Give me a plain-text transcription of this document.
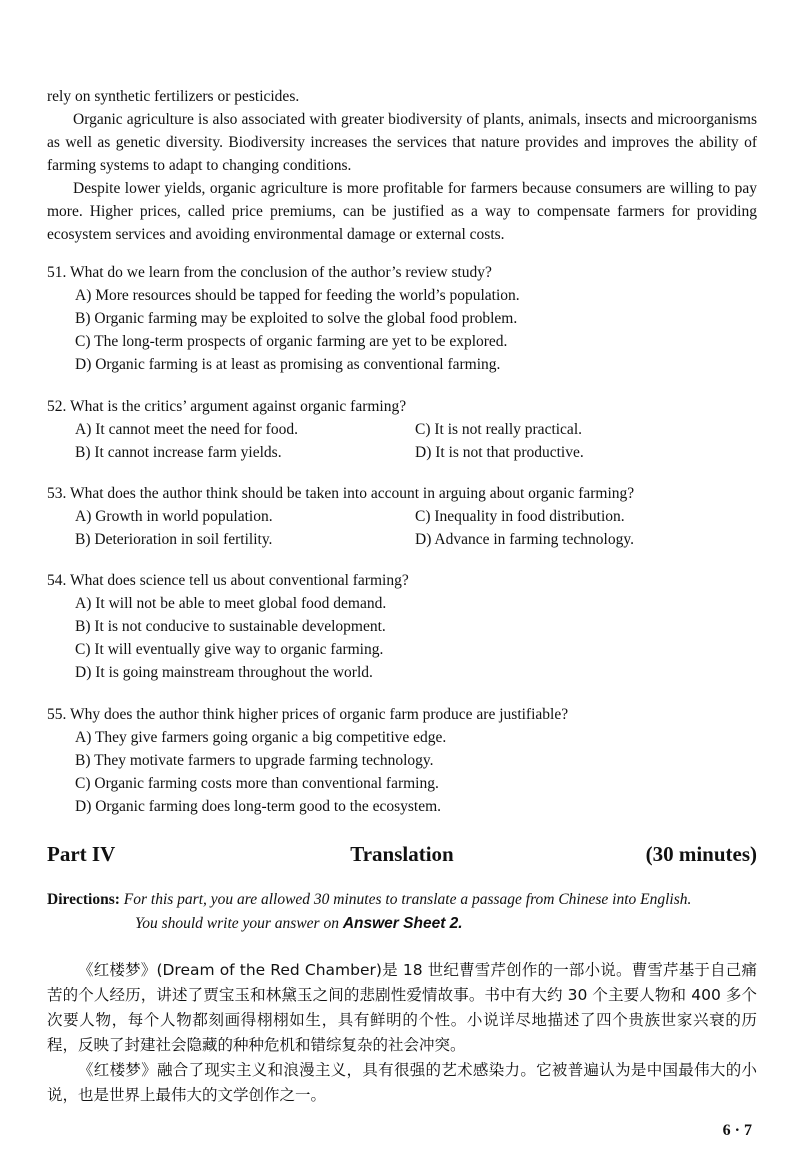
rely on synthetic fertilizers or pesticides.

Organic agriculture is also associated with greater biodiversity of plants, animals, insects and microorganisms as well as genetic diversity. Biodiversity increases the services that nature provides and improves the ability of farming systems to adapt to changing conditions.

Despite lower yields, organic agriculture is more profitable for farmers because consumers are willing to pay more. Higher prices, called price premiums, can be justified as a way to compensate farmers for providing ecosystem services and avoiding environmental damage or external costs.

51. What do we learn from the conclusion of the author’s review study?
A) More resources should be tapped for feeding the world’s population.
B) Organic farming may be exploited to solve the global food problem.
C) The long-term prospects of organic farming are yet to be explored.
D) Organic farming is at least as promising as conventional farming.
52. What is the critics’ argument against organic farming?
A) It cannot meet the need for food.	C) It is not really practical.
B) It cannot increase farm yields.	D) It is not that productive.
53. What does the author think should be taken into account in arguing about organic farming?
A) Growth in world population.	C) Inequality in food distribution.
B) Deterioration in soil fertility.	D) Advance in farming technology.
54. What does science tell us about conventional farming?
A) It will not be able to meet global food demand.
B) It is not conducive to sustainable development.
C) It will eventually give way to organic farming.
D) It is going mainstream throughout the world.
55. Why does the author think higher prices of organic farm produce are justifiable?
A) They give farmers going organic a big competitive edge.
B) They motivate farmers to upgrade farming technology.
C) Organic farming costs more than conventional farming.
D) Organic farming does long-term good to the ecosystem.
Part IV	Translation	(30 minutes)
Directions: For this part, you are allowed 30 minutes to translate a passage from Chinese into English.
You should write your answer on Answer Sheet 2.

《红楼梦》(Dream of the Red Chamber)是 18 世纪曹雪芹创作的一部小说。曹雪芹基于自己痛苦的个人经历，讲述了贾宝玉和林黛玉之间的悲剧性爱情故事。书中有大约 30 个主要人物和 400 多个次要人物，每个人物都刻画得栩栩如生，具有鲜明的个性。小说详尽地描述了四个贵族世家兴衰的历程，反映了封建社会隐藏的种种危机和错综复杂的社会冲突。

《红楼梦》融合了现实主义和浪漫主义，具有很强的艺术感染力。它被普遍认为是中国最伟大的小说，也是世界上最伟大的文学创作之一。

6 · 7
